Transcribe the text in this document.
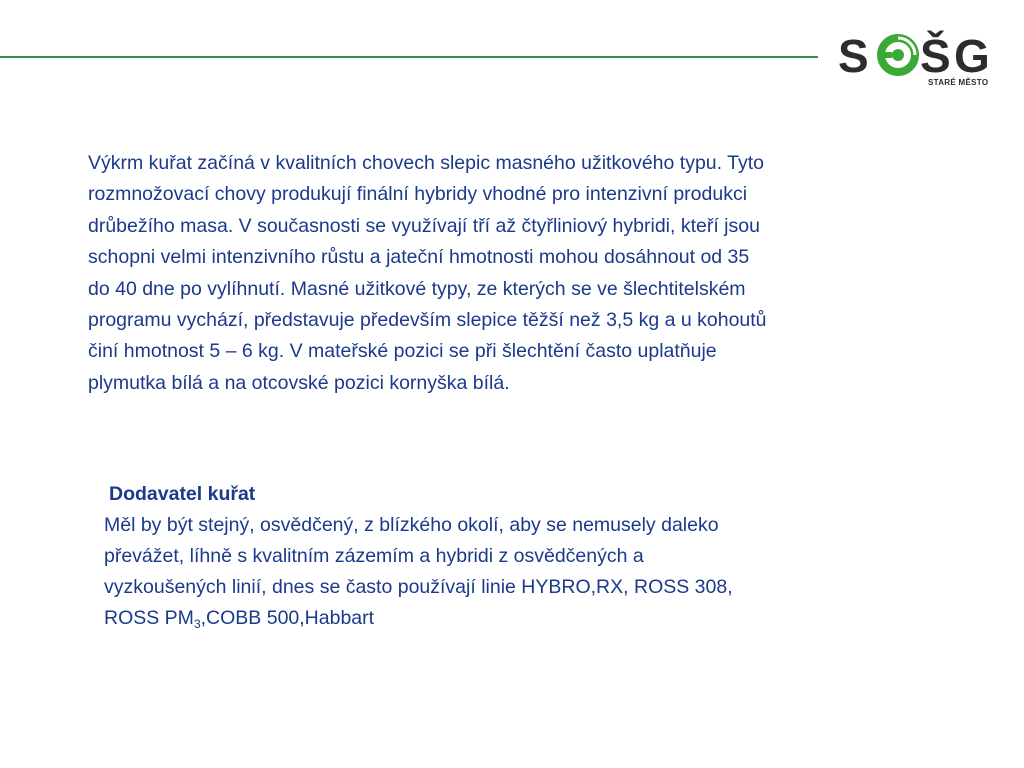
S Š G
STARÉ MĚSTO

Výkrm kuřat začíná v kvalitních chovech slepic masného užitkového typu. Tyto
rozmnožovací chovy produkují finální hybridy vhodné pro intenzivní produkci
drůbežího masa. V současnosti se využívají tří až čtyřliniový hybridi, kteří jsou
schopni velmi intenzivního růstu a jateční hmotnosti mohou dosáhnout od 35
do 40 dne po vylíhnutí. Masné užitkové typy, ze kterých se ve šlechtitelském
programu vychází, představuje především slepice těžší než 3,5 kg a u kohoutů
činí hmotnost 5 – 6 kg. V mateřské pozici se při šlechtění často uplatňuje
plymutka bílá a na otcovské pozici kornyška bílá.

Dodavatel kuřat
Měl by být stejný, osvědčený, z blízkého okolí, aby se nemusely daleko
převážet, líhně s kvalitním zázemím a hybridi z osvědčených a
vyzkoušených linií, dnes se často používají linie HYBRO,RX, ROSS 308,
ROSS $PM_3,COBB$ 500,Habbart
